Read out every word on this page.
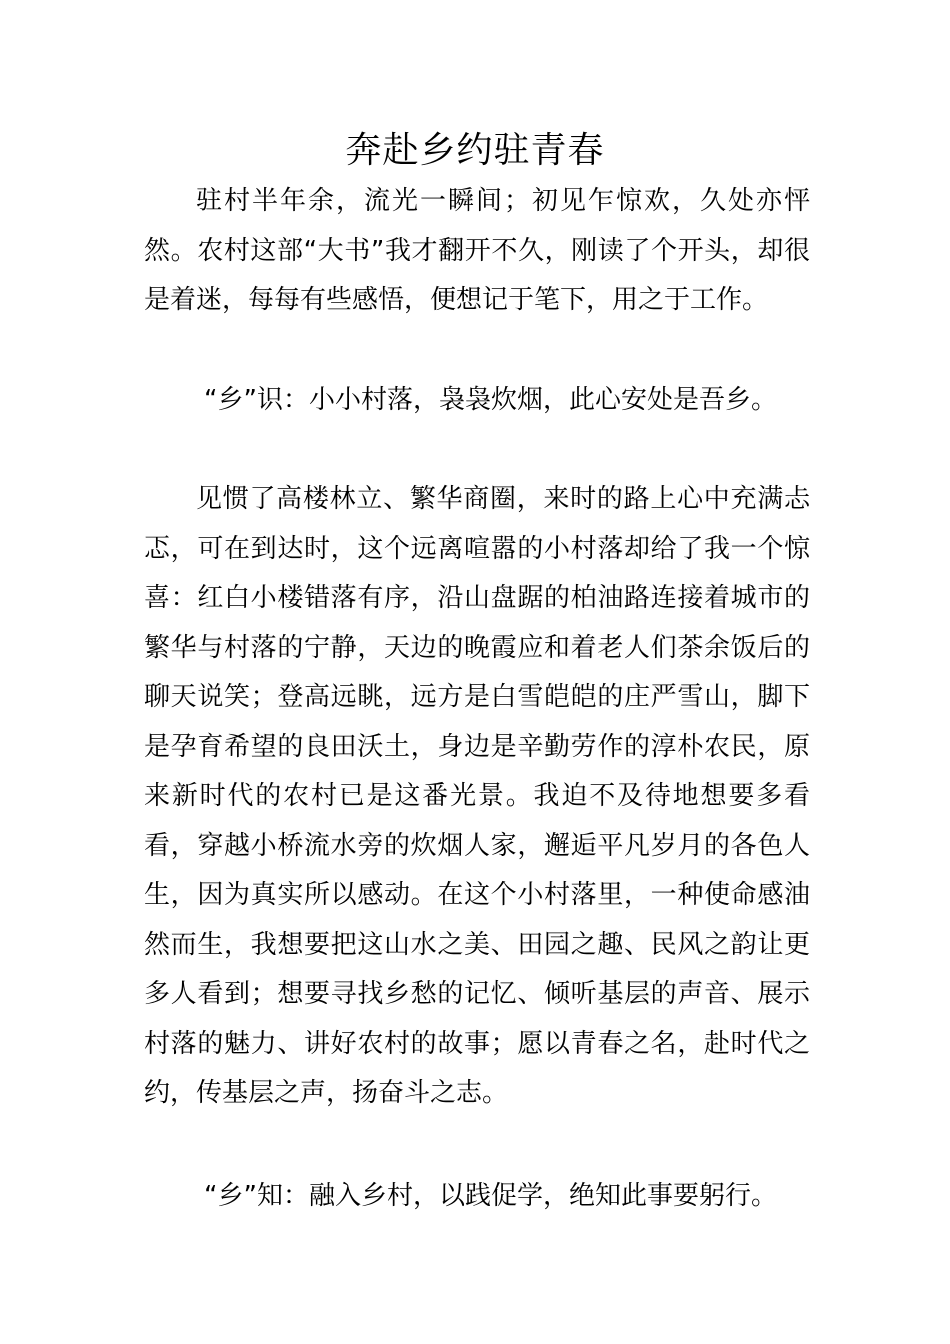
奔赴乡约驻青春

驻村半年余，流光一瞬间；初见乍惊欢，久处亦怦然。农村这部“大书”我才翻开不久，刚读了个开头，却很是着迷，每每有些感悟，便想记于笔下，用之于工作。

“乡”识：小小村落，袅袅炊烟，此心安处是吾乡。

见惯了高楼林立、繁华商圈，来时的路上心中充满忐忑，可在到达时，这个远离喧嚣的小村落却给了我一个惊喜：红白小楼错落有序，沿山盘踞的柏油路连接着城市的繁华与村落的宁静，天边的晚霞应和着老人们茶余饭后的聊天说笑；登高远眺，远方是白雪皑皑的庄严雪山，脚下是孕育希望的良田沃土，身边是辛勤劳作的淳朴农民，原来新时代的农村已是这番光景。我迫不及待地想要多看看，穿越小桥流水旁的炊烟人家，邂逅平凡岁月的各色人生，因为真实所以感动。在这个小村落里，一种使命感油然而生，我想要把这山水之美、田园之趣、民风之韵让更多人看到；想要寻找乡愁的记忆、倾听基层的声音、展示村落的魅力、讲好农村的故事；愿以青春之名，赴时代之约，传基层之声，扬奋斗之志。

“乡”知：融入乡村，以践促学，绝知此事要躬行。
